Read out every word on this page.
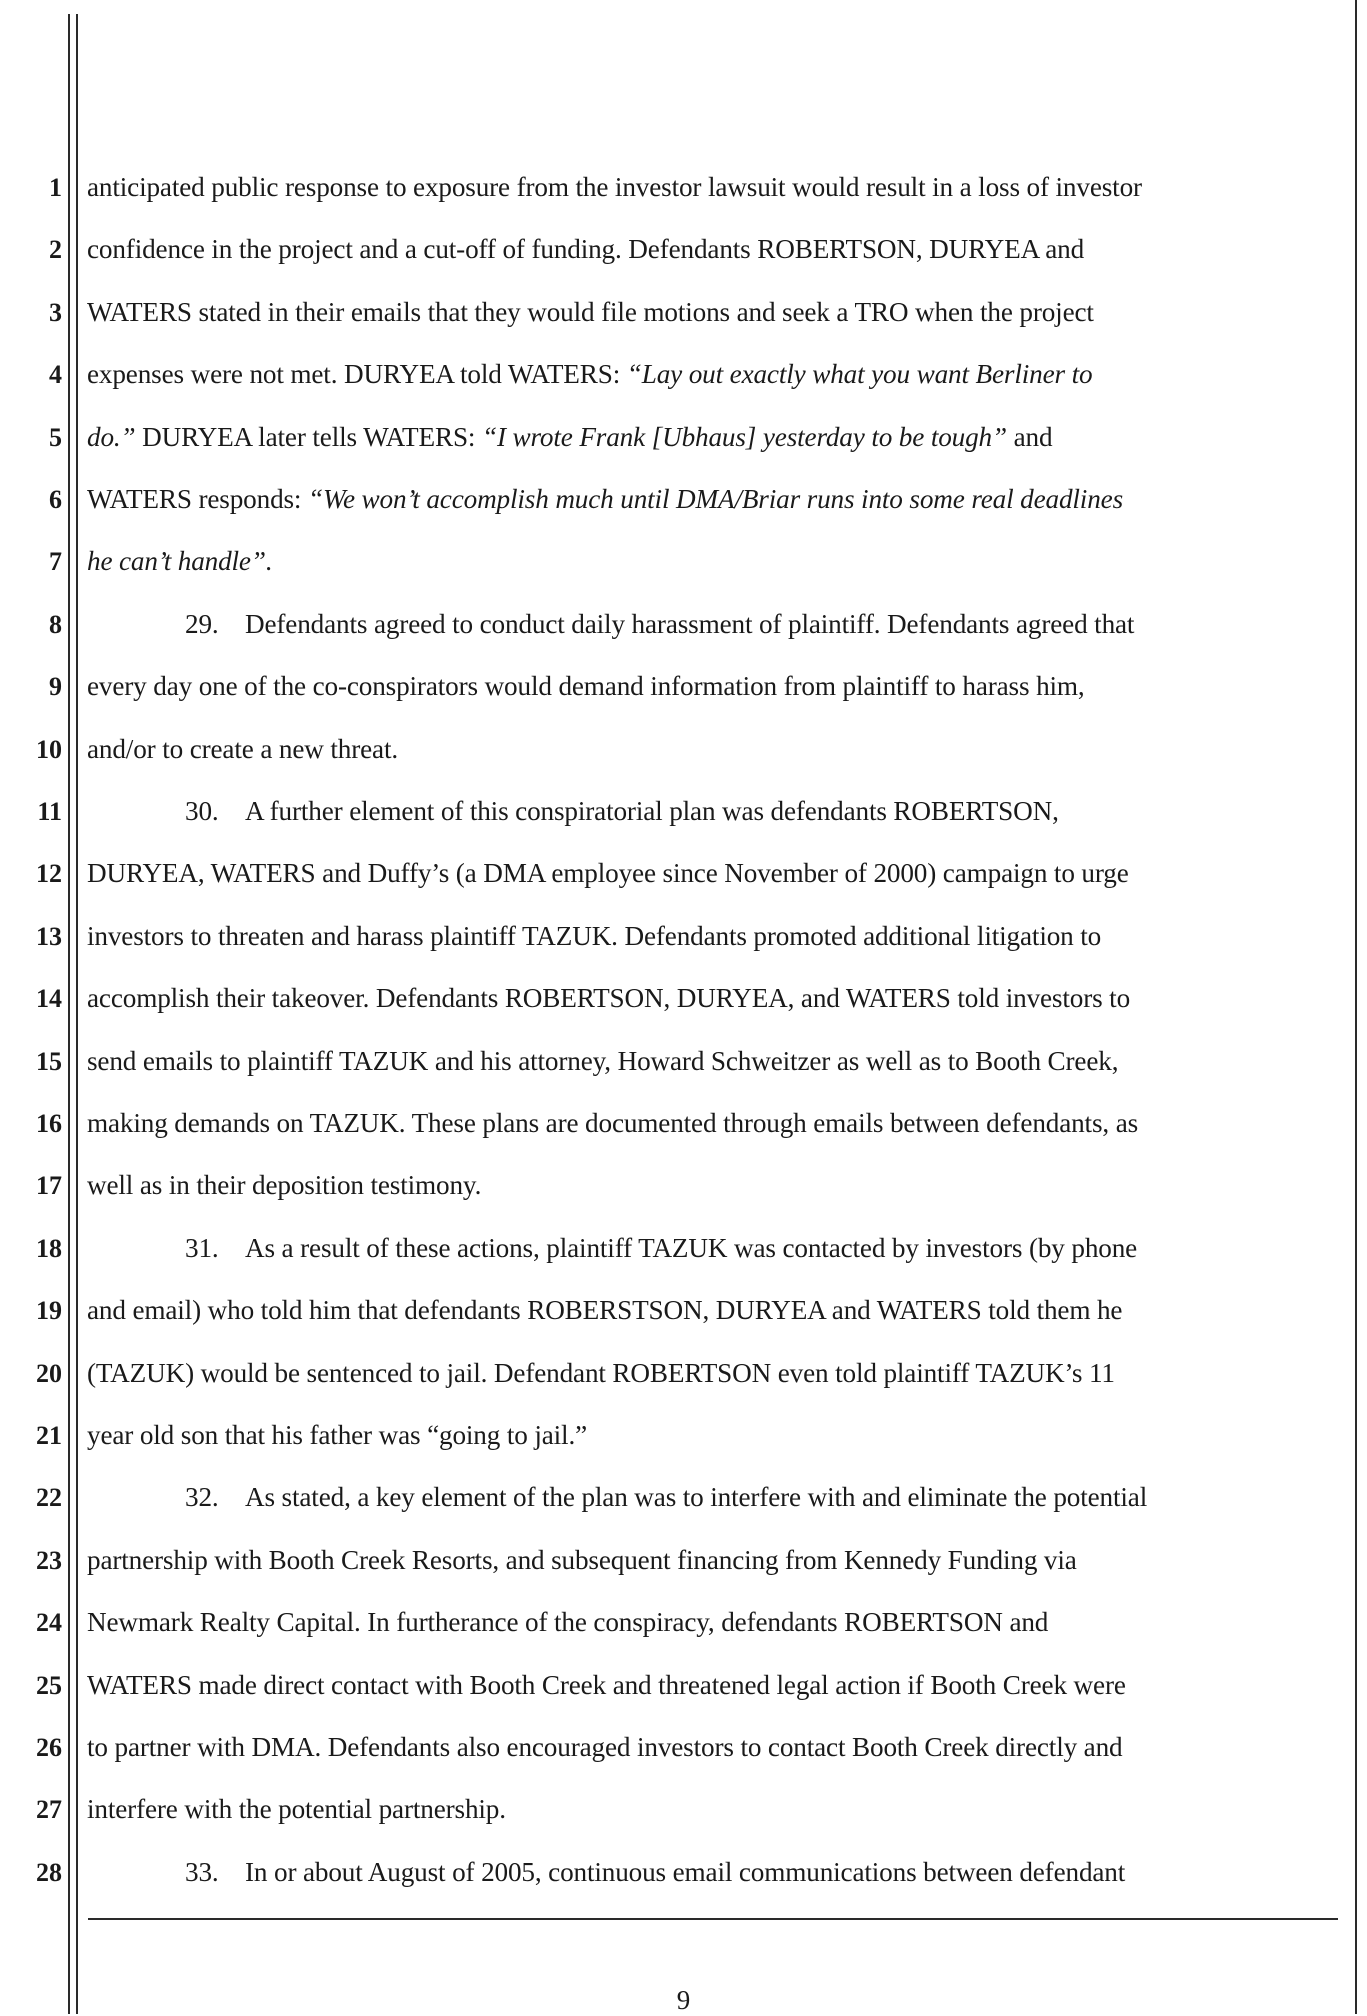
1
2
3
4
5
6
7
8
9
10
11
12
13
14
15
16
17
18
19
20
21
22
23
24
25
26
27
28
anticipated public response to exposure from the investor lawsuit would result in a loss of investor
confidence in the project and a cut-off of funding. Defendants ROBERTSON, DURYEA and
WATERS stated in their emails that they would file motions and seek a TRO when the project
expenses were not met. DURYEA told WATERS: “Lay out exactly what you want Berliner to
do.” DURYEA later tells WATERS: “I wrote Frank [Ubhaus] yesterday to be tough” and
WATERS responds: “We won’t accomplish much until DMA/Briar runs into some real deadlines
he can’t handle”.
29. Defendants agreed to conduct daily harassment of plaintiff. Defendants agreed that
every day one of the co-conspirators would demand information from plaintiff to harass him,
and/or to create a new threat.
30. A further element of this conspiratorial plan was defendants ROBERTSON,
DURYEA, WATERS and Duffy’s (a DMA employee since November of 2000) campaign to urge
investors to threaten and harass plaintiff TAZUK. Defendants promoted additional litigation to
accomplish their takeover. Defendants ROBERTSON, DURYEA, and WATERS told investors to
send emails to plaintiff TAZUK and his attorney, Howard Schweitzer as well as to Booth Creek,
making demands on TAZUK. These plans are documented through emails between defendants, as
well as in their deposition testimony.
31. As a result of these actions, plaintiff TAZUK was contacted by investors (by phone
and email) who told him that defendants ROBERSTSON, DURYEA and WATERS told them he
(TAZUK) would be sentenced to jail. Defendant ROBERTSON even told plaintiff TAZUK’s 11
year old son that his father was “going to jail.”
32. As stated, a key element of the plan was to interfere with and eliminate the potential
partnership with Booth Creek Resorts, and subsequent financing from Kennedy Funding via
Newmark Realty Capital. In furtherance of the conspiracy, defendants ROBERTSON and
WATERS made direct contact with Booth Creek and threatened legal action if Booth Creek were
to partner with DMA. Defendants also encouraged investors to contact Booth Creek directly and
interfere with the potential partnership.
33. In or about August of 2005, continuous email communications between defendant
9
